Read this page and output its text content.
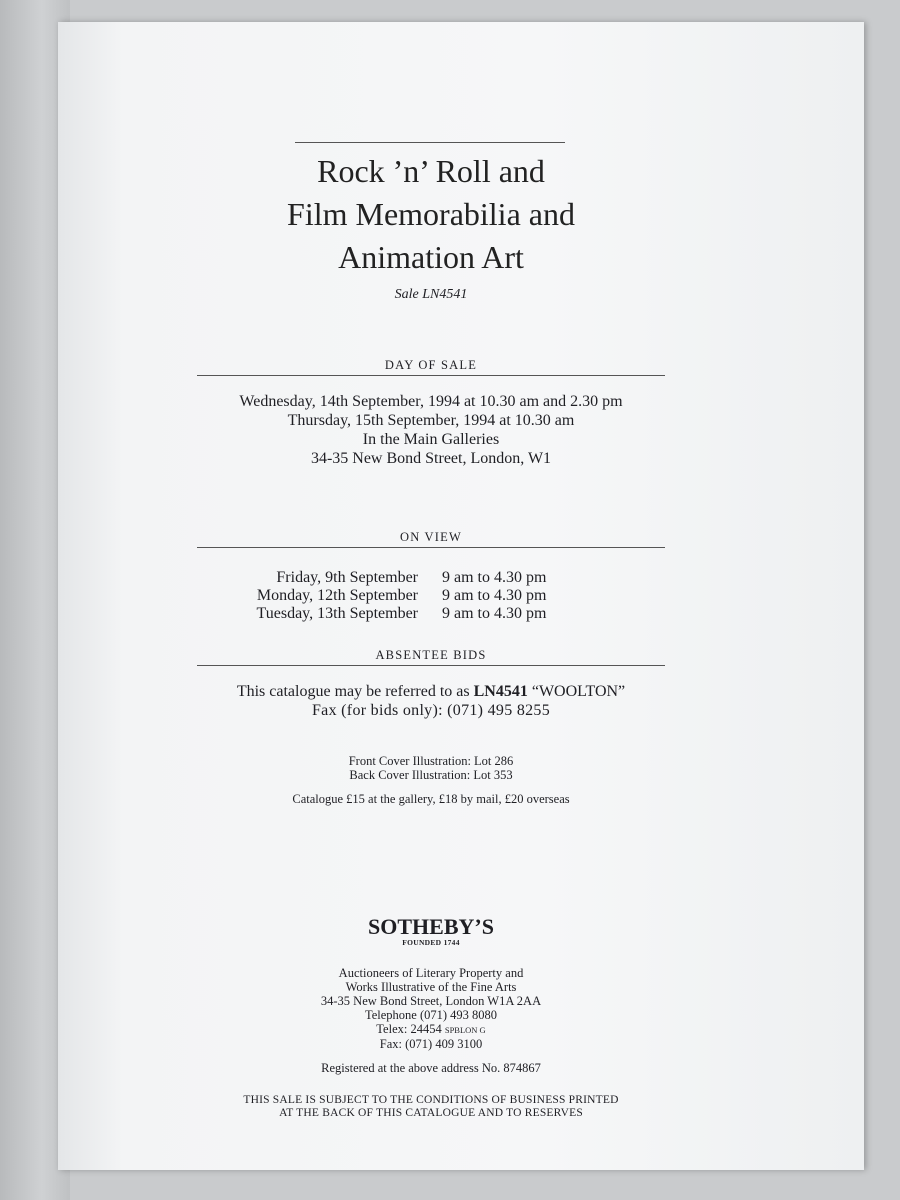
Rock ’n’ Roll and
Film Memorabilia and
Animation Art
Sale LN4541
DAY OF SALE
Wednesday, 14th September, 1994 at 10.30 am and 2.30 pm
Thursday, 15th September, 1994 at 10.30 am
In the Main Galleries
34-35 New Bond Street, London, W1
ON VIEW
Friday, 9th September 9 am to 4.30 pm
Monday, 12th September 9 am to 4.30 pm
Tuesday, 13th September 9 am to 4.30 pm
ABSENTEE BIDS
This catalogue may be referred to as LN4541 “WOOLTON”
Fax (for bids only): (071) 495 8255
Front Cover Illustration: Lot 286
Back Cover Illustration: Lot 353
Catalogue £15 at the gallery, £18 by mail, £20 overseas
SOTHEBY’S
FOUNDED 1744
Auctioneers of Literary Property and
Works Illustrative of the Fine Arts
34-35 New Bond Street, London W1A 2AA
Telephone (071) 493 8080
Telex: 24454 SPBLON G
Fax: (071) 409 3100
Registered at the above address No. 874867
THIS SALE IS SUBJECT TO THE CONDITIONS OF BUSINESS PRINTED
AT THE BACK OF THIS CATALOGUE AND TO RESERVES
